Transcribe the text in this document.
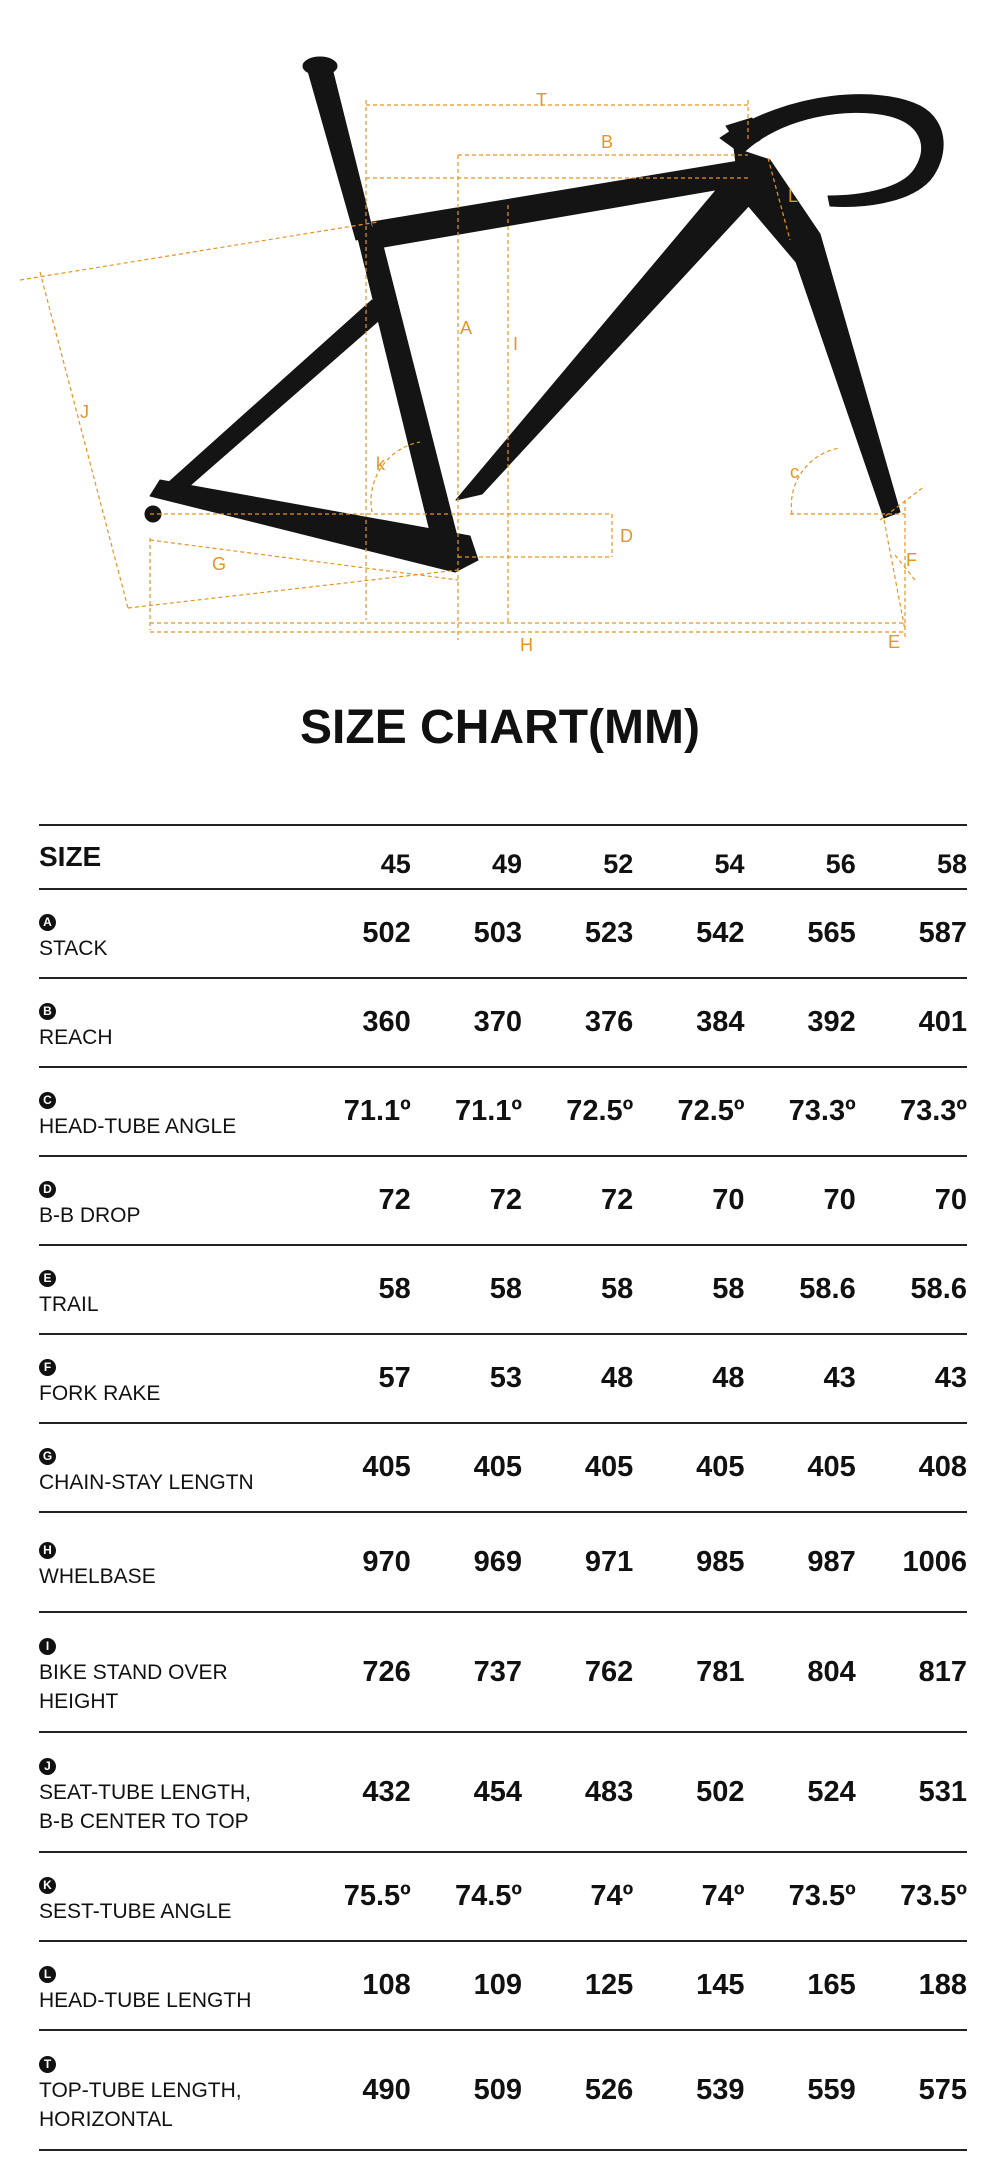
T
B
A
I
J
k	c
D
G
H	E
F
L
SIZE CHART(MM)
SIZE	45	49	52	54	56	58
A
STACK	502	503	523	542	565	587
B
REACH	360	370	376	384	392	401
C
HEAD-TUBE ANGLE	71.1º	71.1º	72.5º	72.5º	73.3º	73.3º
D
B-B DROP	72	72	72	70	70	70
E
TRAIL	58	58	58	58	58.6	58.6
F
FORK RAKE	57	53	48	48	43	43
G
CHAIN-STAY LENGTN	405	405	405	405	405	408
H
WHELBASE	970	969	971	985	987	1006
I
BIKE STAND OVER
HEIGHT	726	737	762	781	804	817
J
SEAT-TUBE LENGTH,
B-B CENTER TO TOP	432	454	483	502	524	531
K
SEST-TUBE ANGLE	75.5º	74.5º	74º	74º	73.5º	73.5º
L
HEAD-TUBE LENGTH	108	109	125	145	165	188
T
TOP-TUBE LENGTH,
HORIZONTAL	490	509	526	539	559	575
